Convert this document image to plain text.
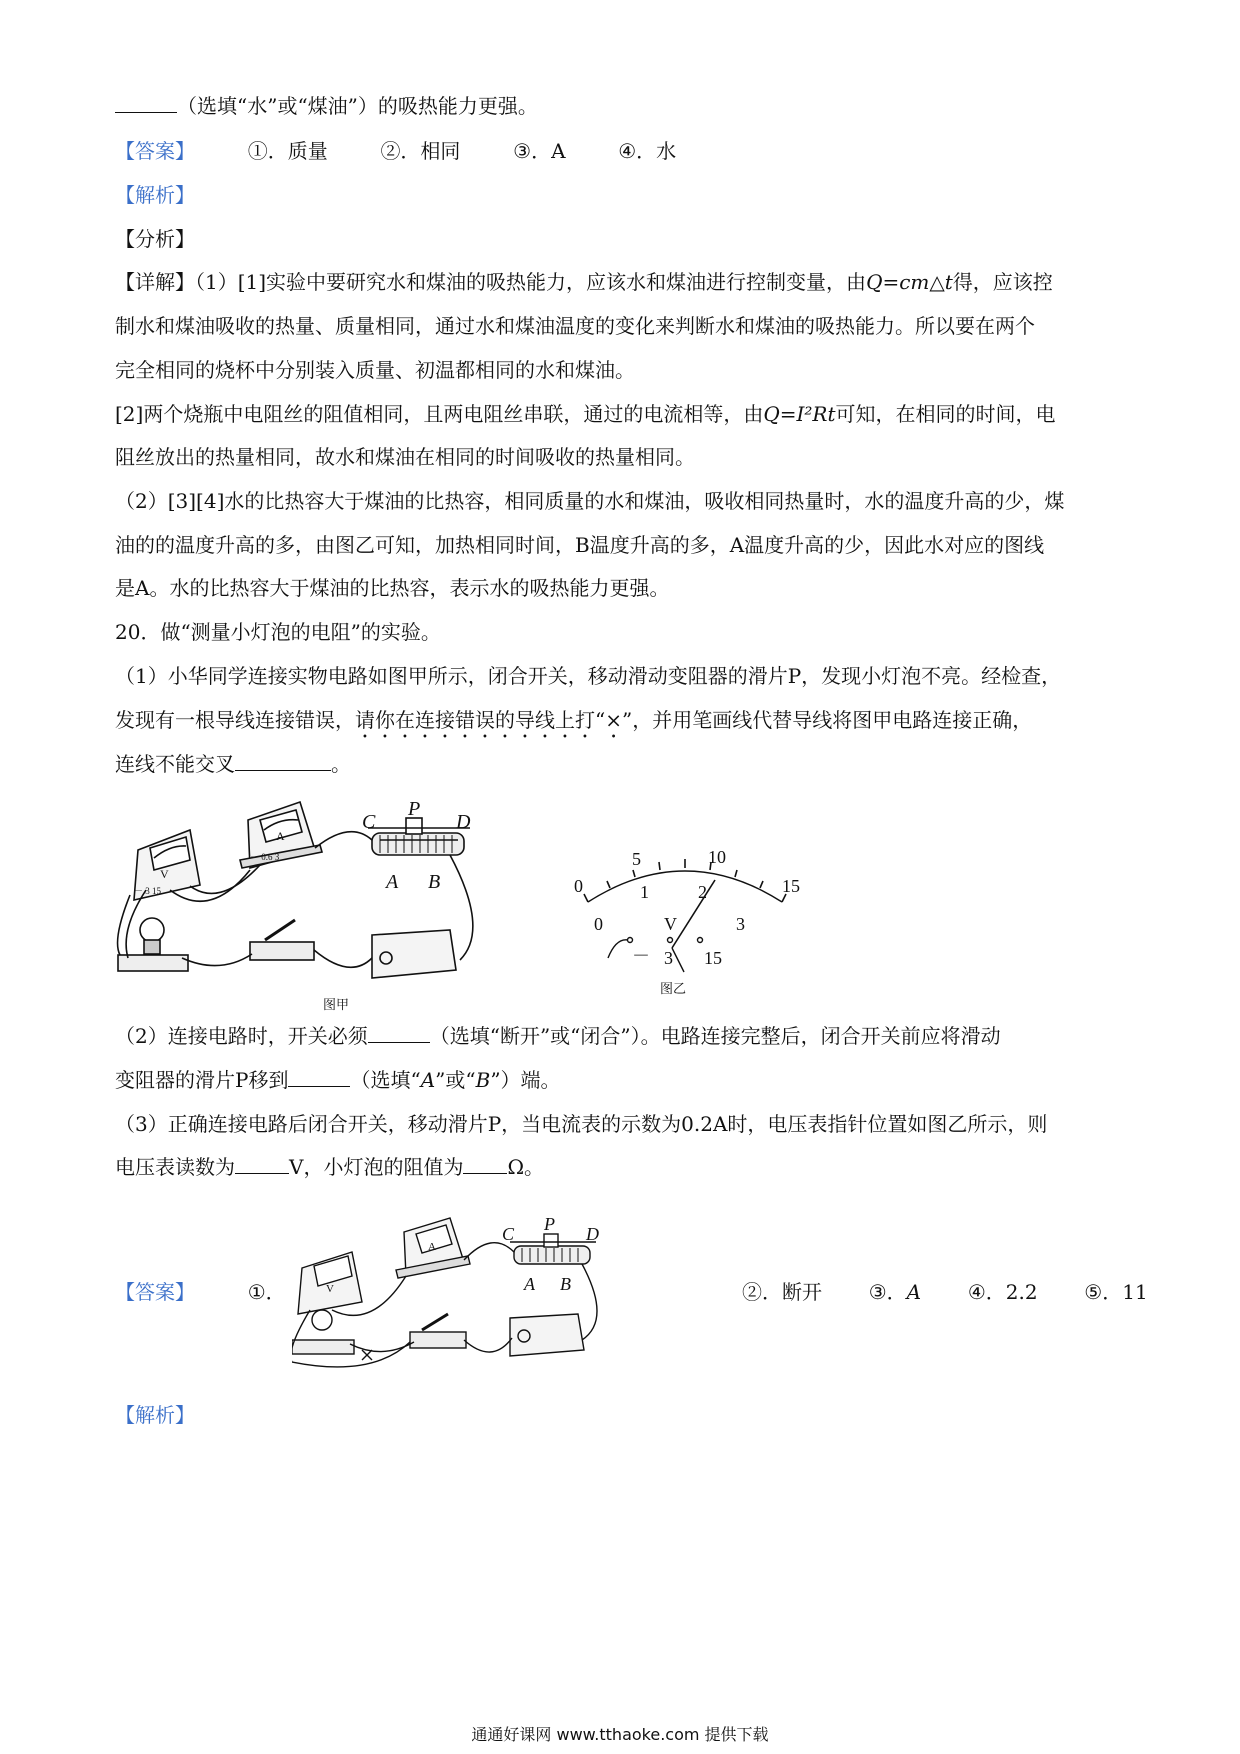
（选填“水”或“煤油”）的吸热能力更强。
【答案】	①．质量	②．相同	③．A	④．水
【解析】
【分析】
【详解】（1）[1]实验中要研究水和煤油的吸热能力，应该水和煤油进行控制变量，由Q=cm△t得，应该控
制水和煤油吸收的热量、质量相同，通过水和煤油温度的变化来判断水和煤油的吸热能力。所以要在两个
完全相同的烧杯中分别装入质量、初温都相同的水和煤油。
[2]两个烧瓶中电阻丝的阻值相同，且两电阻丝串联，通过的电流相等，由Q=I²Rt可知，在相同的时间，电
阻丝放出的热量相同，故水和煤油在相同的时间吸收的热量相同。
（2）[3][4]水的比热容大于煤油的比热容，相同质量的水和煤油，吸收相同热量时，水的温度升高的少，煤
油的的温度升高的多，由图乙可知，加热相同时间，B温度升高的多，A温度升高的少，因此水对应的图线
是A。水的比热容大于煤油的比热容，表示水的吸热能力更强。
20．做“测量小灯泡的电阻”的实验。
（1）小华同学连接实物电路如图甲所示，闭合开关，移动滑动变阻器的滑片P，发现小灯泡不亮。经检查，
发现有一根导线连接错误，请你在连接错误的导线上打“×”，并用笔画线代替导线将图甲电路连接正确，
连线不能交叉	。
C
P
D
A B
V
A
－ 3 15
－ 0.6 3
图甲
0
5	10
15
0
1	2
3
V
－ 3 15
图乙
（2）连接电路时，开关必须	（选填“断开”或“闭合”）。电路连接完整后，闭合开关前应将滑动
变阻器的滑片P移到	（选填“A”或“B”）端。
（3）正确连接电路后闭合开关，移动滑片P，当电流表的示数为0.2A时，电压表指针位置如图乙所示，则
电压表读数为	V，小灯泡的阻值为 Ω。
【答案】	①．
C P D
A B
V
A
②．断开 ③．A ④．2.2 ⑤．11
【解析】
通通好课网 www.tthaoke.com 提供下载
